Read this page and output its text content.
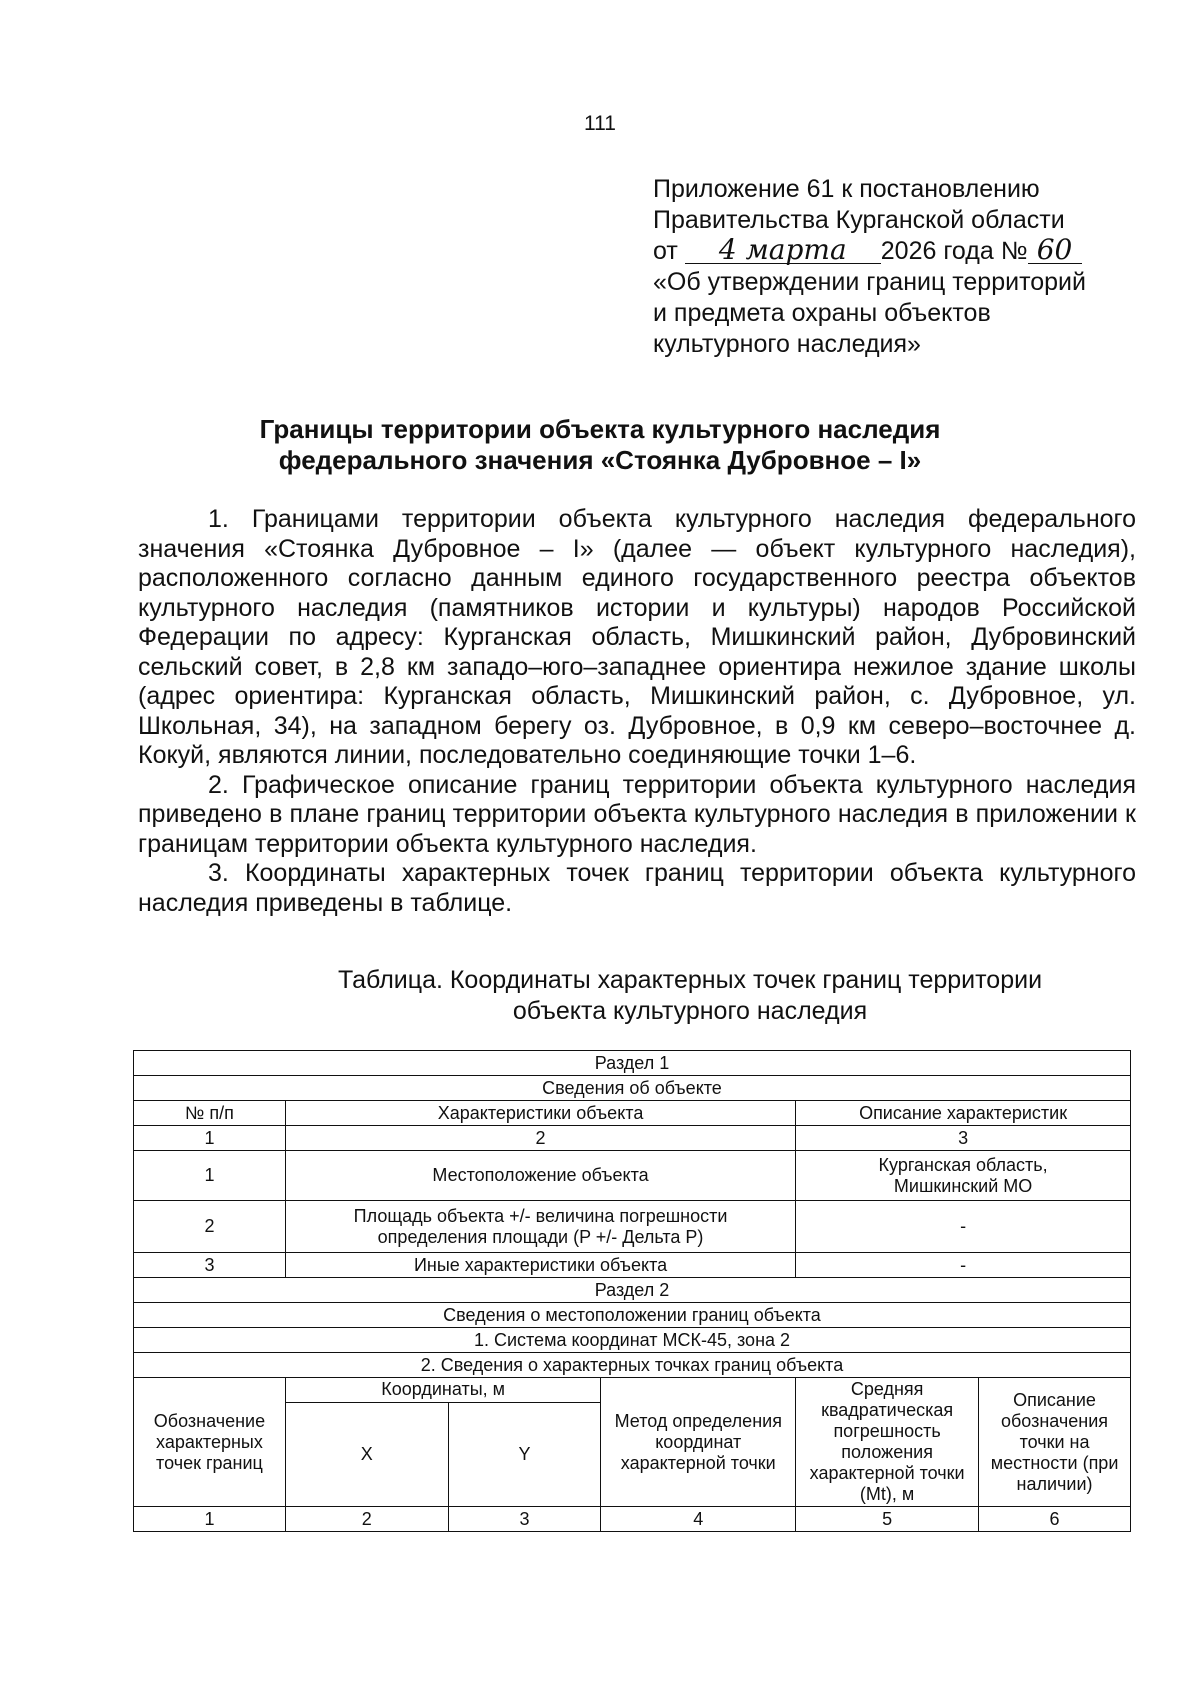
111
Приложение 61 к постановлению
Правительства Курганской области
от 4 марта 2026 года № 60
«Об утверждении границ территорий
и предмета охраны объектов
культурного наследия»
Границы территории объекта культурного наследия
федерального значения «Стоянка Дубровное – I»

1. Границами территории объекта культурного наследия федерального значения «Стоянка Дубровное – I» (далее — объект культурного наследия), расположенного согласно данным единого государственного реестра объектов культурного наследия (памятников истории и культуры) народов Российской Федерации по адресу: Курганская область, Мишкинский район, Дубровинский сельский совет, в 2,8 км западо–юго–западнее ориентира нежилое здание школы (адрес ориентира: Курганская область, Мишкинский район, с. Дубровное, ул. Школьная, 34), на западном берегу оз. Дубровное, в 0,9 км северо–восточнее д. Кокуй, являются линии, последовательно соединяющие точки 1–6.

2. Графическое описание границ территории объекта культурного наследия приведено в плане границ территории объекта культурного наследия в приложении к границам территории объекта культурного наследия.

3. Координаты характерных точек границ территории объекта культурного наследия приведены в таблице.

Таблица. Координаты характерных точек границ территории
объекта культурного наследия
Раздел 1					
Сведения об объекте					
№ п/п	Характеристики объекта			Описание характеристик	
1	2			3	
1	Местоположение объекта			Курганская область, Мишкинский МО	
2	Площадь объекта +/- величина погрешности определения площади (P +/- Дельта P)			-	
3	Иные характеристики объекта			-	
Раздел 2					
Сведения о местоположении границ объекта					
1. Система координат МСК-45, зона 2					
2. Сведения о характерных точках границ объекта					
Обозначение характерных точек границ	Координаты, м		Метод определения координат характерной точки	Средняя квадратическая погрешность положения характерной точки (Mt), м	Описание обозначения точки на местности (при наличии)
	X	Y			
1	2	3	4	5	6
